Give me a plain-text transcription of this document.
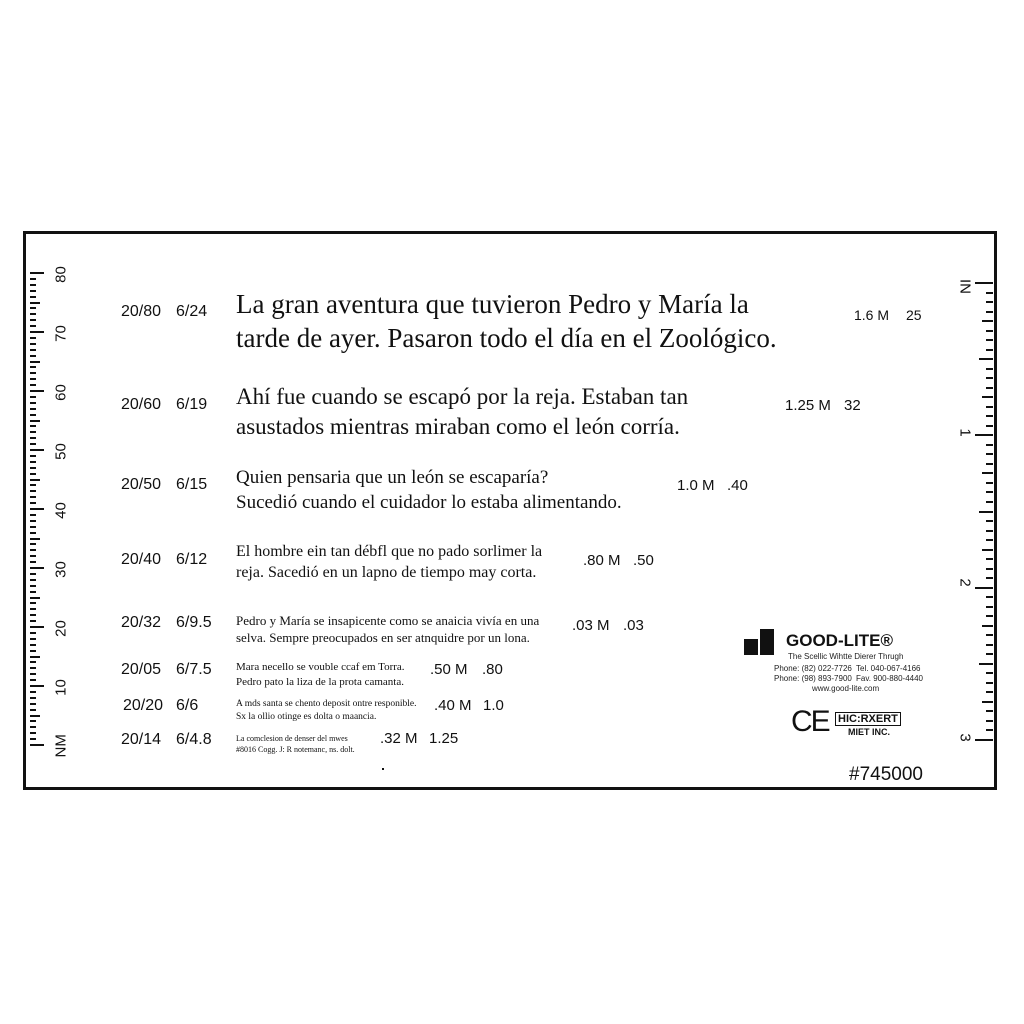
80
70
60
50
40
30
20
10
NM
IN
1
2
3
20/80 6/24 La gran aventura que tuvieron Pedro y María la
tarde de ayer. Pasaron todo el día en el Zoológico.
1.6 M 25
20/60 6/19 Ahí fue cuando se escapó por la reja. Estaban tan
asustados mientras miraban como el león corría.
1.25 M 32
20/50 6/15 Quien pensaria que un león se escaparía?
Sucedió cuando el cuidador lo estaba alimentando.
1.0 M .40
20/40 6/12 El hombre ein tan débfl que no pado sorlimer la
reja. Sacedió en un lapno de tiempo may corta.
.80 M .50
20/32 6/9.5 Pedro y María se insapicente como se anaicia vivía en una
selva. Sempre preocupados en ser atnquidre por un lona.
.03 M .03
20/05 6/7.5 Mara necello se vouble ccaf em Torra.
Pedro pato la liza de la prota camanta.
.50 M .80
20/20 6/6	A mds santa se chento deposit ontre responible.
Sx la ollio otinge es dolta o maancia.
.40 M 1.0
20/14 6/4.8	La comclesion de denser del mwes
#8016 Cogg. J: R notemanc, ns. dolt.
.32 M 1.25
GOOD-LITE®
The Scellic Wihtte Dierer Thrugh
Phone: (82) 022-7726 Tel. 040-067-4166
Phone: (98) 893-7900 Fav. 900-880-4440
www.good-lite.com
CE HIC:RXERT
MIET INC.
#745000
